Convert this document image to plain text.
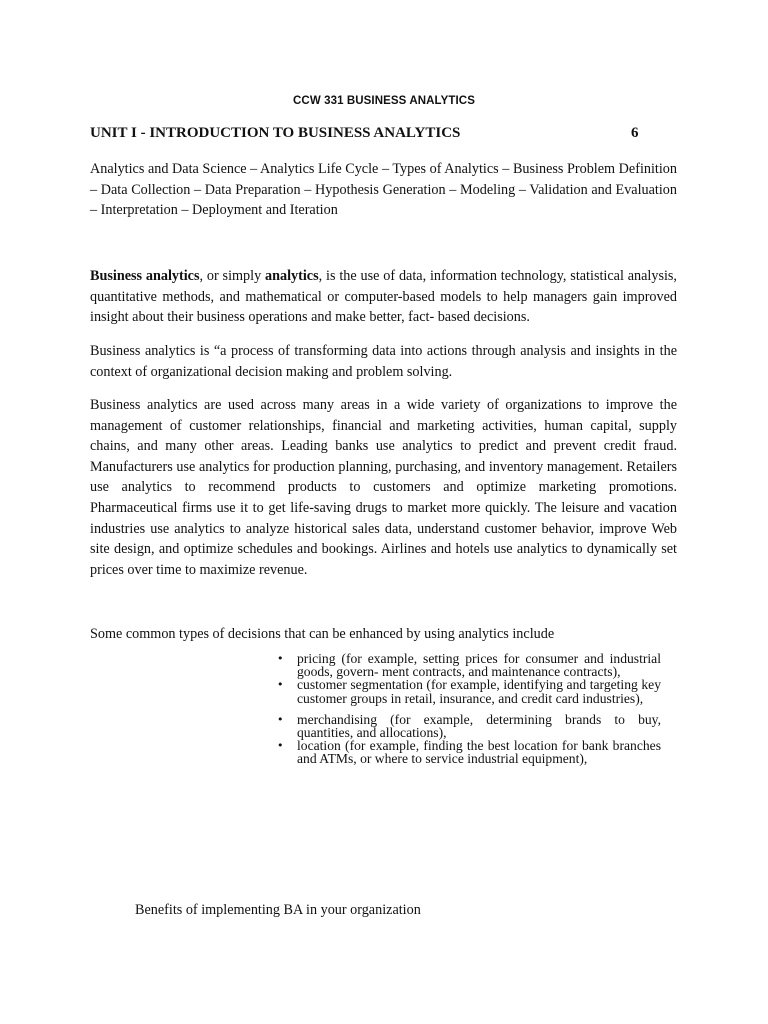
CCW 331 BUSINESS ANALYTICS
UNIT I - INTRODUCTION TO BUSINESS ANALYTICS	6

Analytics and Data Science – Analytics Life Cycle – Types of Analytics – Business Problem Definition – Data Collection – Data Preparation – Hypothesis Generation – Modeling – Validation and Evaluation – Interpretation – Deployment and Iteration

Business analytics, or simply analytics, is the use of data, information technology, statistical analysis, quantitative methods, and mathematical or computer-based models to help managers gain improved insight about their business operations and make better, fact- based decisions.

Business analytics is “a process of transforming data into actions through analysis and insights in the context of organizational decision making and problem solving.

Business analytics are used across many areas in a wide variety of organizations to improve the management of customer relationships, financial and marketing activities, human capital, supply chains, and many other areas. Leading banks use analytics to predict and prevent credit fraud. Manufacturers use analytics for production planning, purchasing, and inventory management. Retailers use analytics to recommend products to customers and optimize marketing promotions. Pharmaceutical firms use it to get life-saving drugs to market more quickly. The leisure and vacation industries use analytics to analyze historical sales data, understand customer behavior, improve Web site design, and optimize schedules and bookings. Airlines and hotels use analytics to dynamically set prices over time to maximize revenue.

Some common types of decisions that can be enhanced by using analytics include

• pricing (for example, setting prices for consumer and industrial goods, govern- ment contracts, and maintenance contracts),
• customer segmentation (for example, identifying and targeting key customer groups in retail, insurance, and credit card industries),
• merchandising (for example, determining brands to buy, quantities, and allocations),
• location (for example, finding the best location for bank branches and ATMs, or where to service industrial equipment),
Benefits of implementing BA in your organization
